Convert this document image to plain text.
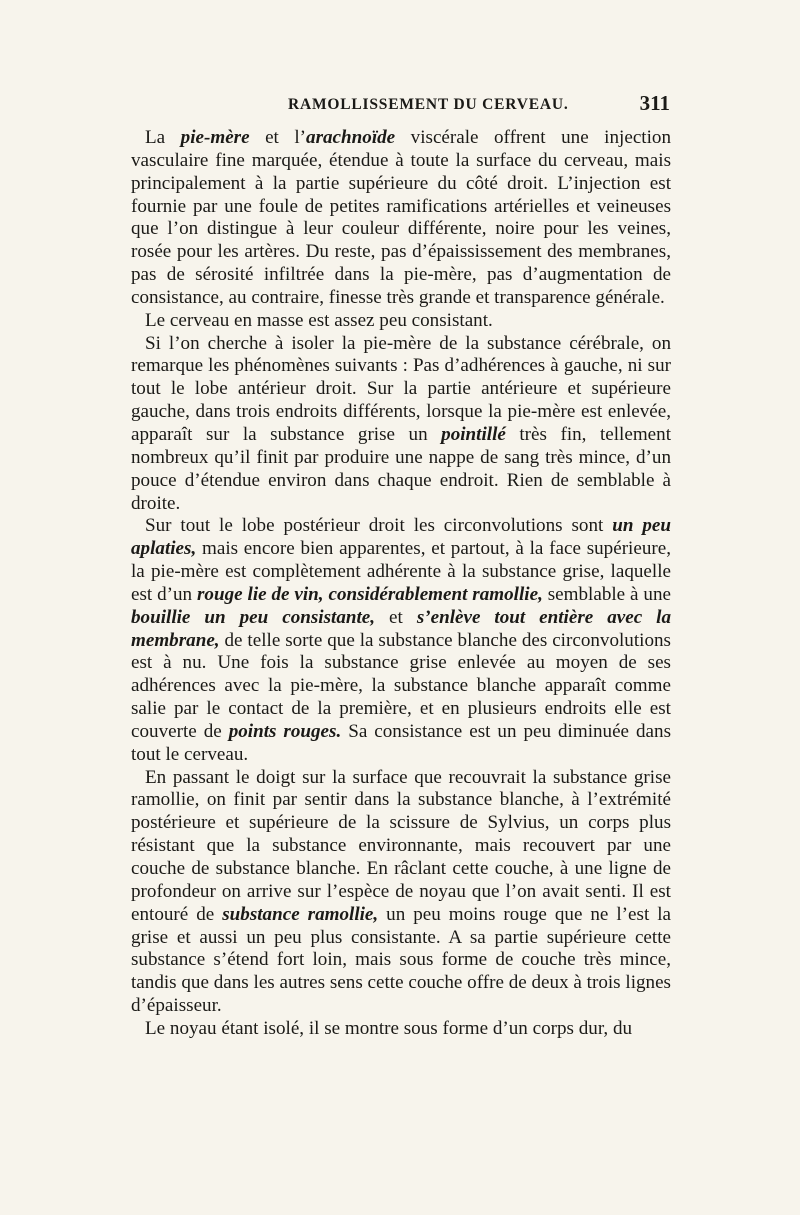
RAMOLLISSEMENT DU CERVEAU.	311

La pie-mère et l’arachnoïde viscérale offrent une injection vasculaire fine marquée, étendue à toute la surface du cerveau, mais principalement à la partie supérieure du côté droit. L’injection est fournie par une foule de petites ramifications artérielles et veineuses que l’on distingue à leur couleur différente, noire pour les veines, rosée pour les artères. Du reste, pas d’épaississement des membranes, pas de sérosité infiltrée dans la pie-mère, pas d’augmentation de consistance, au contraire, finesse très grande et transparence générale.

Le cerveau en masse est assez peu consistant.

Si l’on cherche à isoler la pie-mère de la substance cérébrale, on remarque les phénomènes suivants : Pas d’adhérences à gauche, ni sur tout le lobe antérieur droit. Sur la partie antérieure et supérieure gauche, dans trois endroits différents, lorsque la pie-mère est enlevée, apparaît sur la substance grise un pointillé très fin, tellement nombreux qu’il finit par produire une nappe de sang très mince, d’un pouce d’étendue environ dans chaque endroit. Rien de semblable à droite.

Sur tout le lobe postérieur droit les circonvolutions sont un peu aplaties, mais encore bien apparentes, et partout, à la face supérieure, la pie-mère est complètement adhérente à la substance grise, laquelle est d’un rouge lie de vin, considérablement ramollie, semblable à une bouillie un peu consistante, et s’enlève tout entière avec la membrane, de telle sorte que la substance blanche des circonvolutions est à nu. Une fois la substance grise enlevée au moyen de ses adhérences avec la pie-mère, la substance blanche apparaît comme salie par le contact de la première, et en plusieurs endroits elle est couverte de points rouges. Sa consistance est un peu diminuée dans tout le cerveau.

En passant le doigt sur la surface que recouvrait la substance grise ramollie, on finit par sentir dans la substance blanche, à l’extrémité postérieure et supérieure de la scissure de Sylvius, un corps plus résistant que la substance environnante, mais recouvert par une couche de substance blanche. En râclant cette couche, à une ligne de profondeur on arrive sur l’espèce de noyau que l’on avait senti. Il est entouré de substance ramollie, un peu moins rouge que ne l’est la grise et aussi un peu plus consistante. A sa partie supérieure cette substance s’étend fort loin, mais sous forme de couche très mince, tandis que dans les autres sens cette couche offre de deux à trois lignes d’épaisseur.

Le noyau étant isolé, il se montre sous forme d’un corps dur, du
